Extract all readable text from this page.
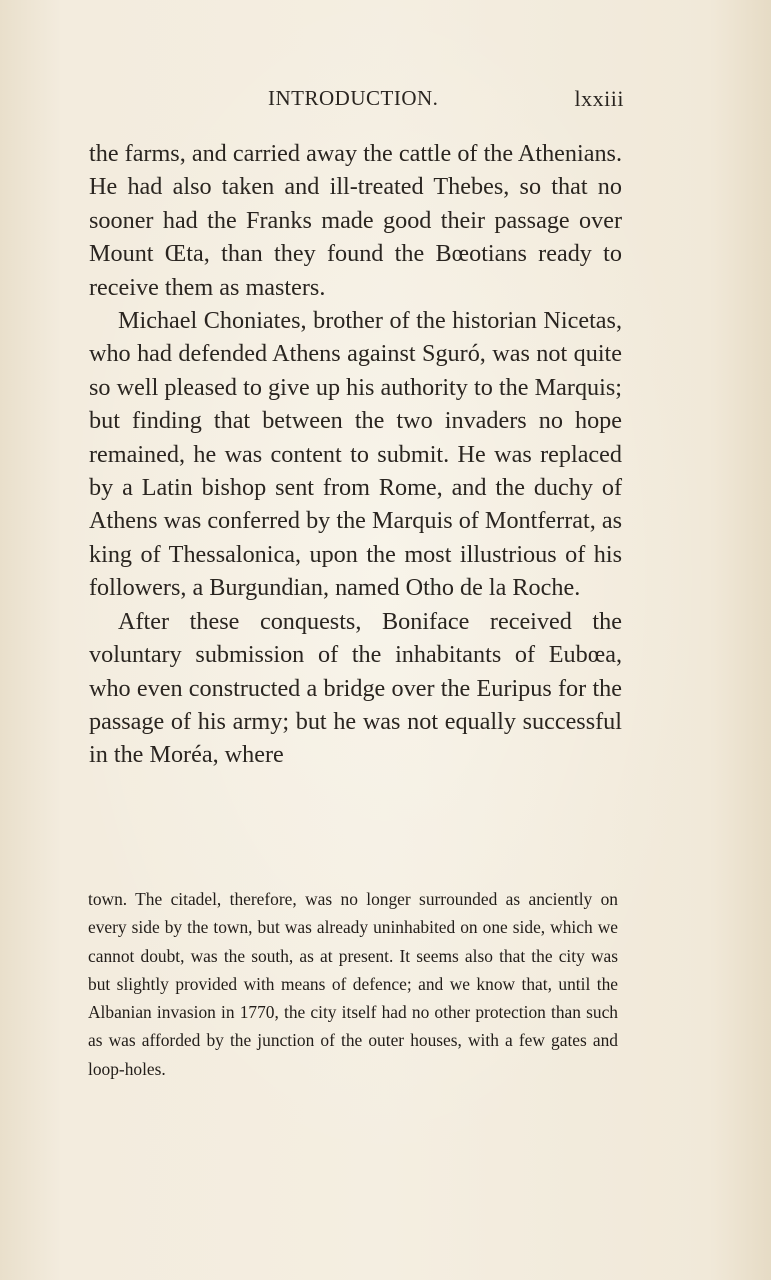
INTRODUCTION.	lxxiii

the farms, and carried away the cattle of the Athenians. He had also taken and ill-treated Thebes, so that no sooner had the Franks made good their passage over Mount Œta, than they found the Bœotians ready to receive them as masters.

Michael Choniates, brother of the historian Nicetas, who had defended Athens against Sguró, was not quite so well pleased to give up his authority to the Marquis; but finding that between the two invaders no hope remained, he was content to submit. He was replaced by a Latin bishop sent from Rome, and the duchy of Athens was conferred by the Marquis of Montferrat, as king of Thessalonica, upon the most illustrious of his followers, a Burgundian, named Otho de la Roche.

After these conquests, Boniface received the voluntary submission of the inhabitants of Eubœa, who even constructed a bridge over the Euripus for the passage of his army; but he was not equally successful in the Moréa, where

town. The citadel, therefore, was no longer surrounded as anciently on every side by the town, but was already uninhabited on one side, which we cannot doubt, was the south, as at present. It seems also that the city was but slightly provided with means of defence; and we know that, until the Albanian invasion in 1770, the city itself had no other protection than such as was afforded by the junction of the outer houses, with a few gates and loop-holes.
